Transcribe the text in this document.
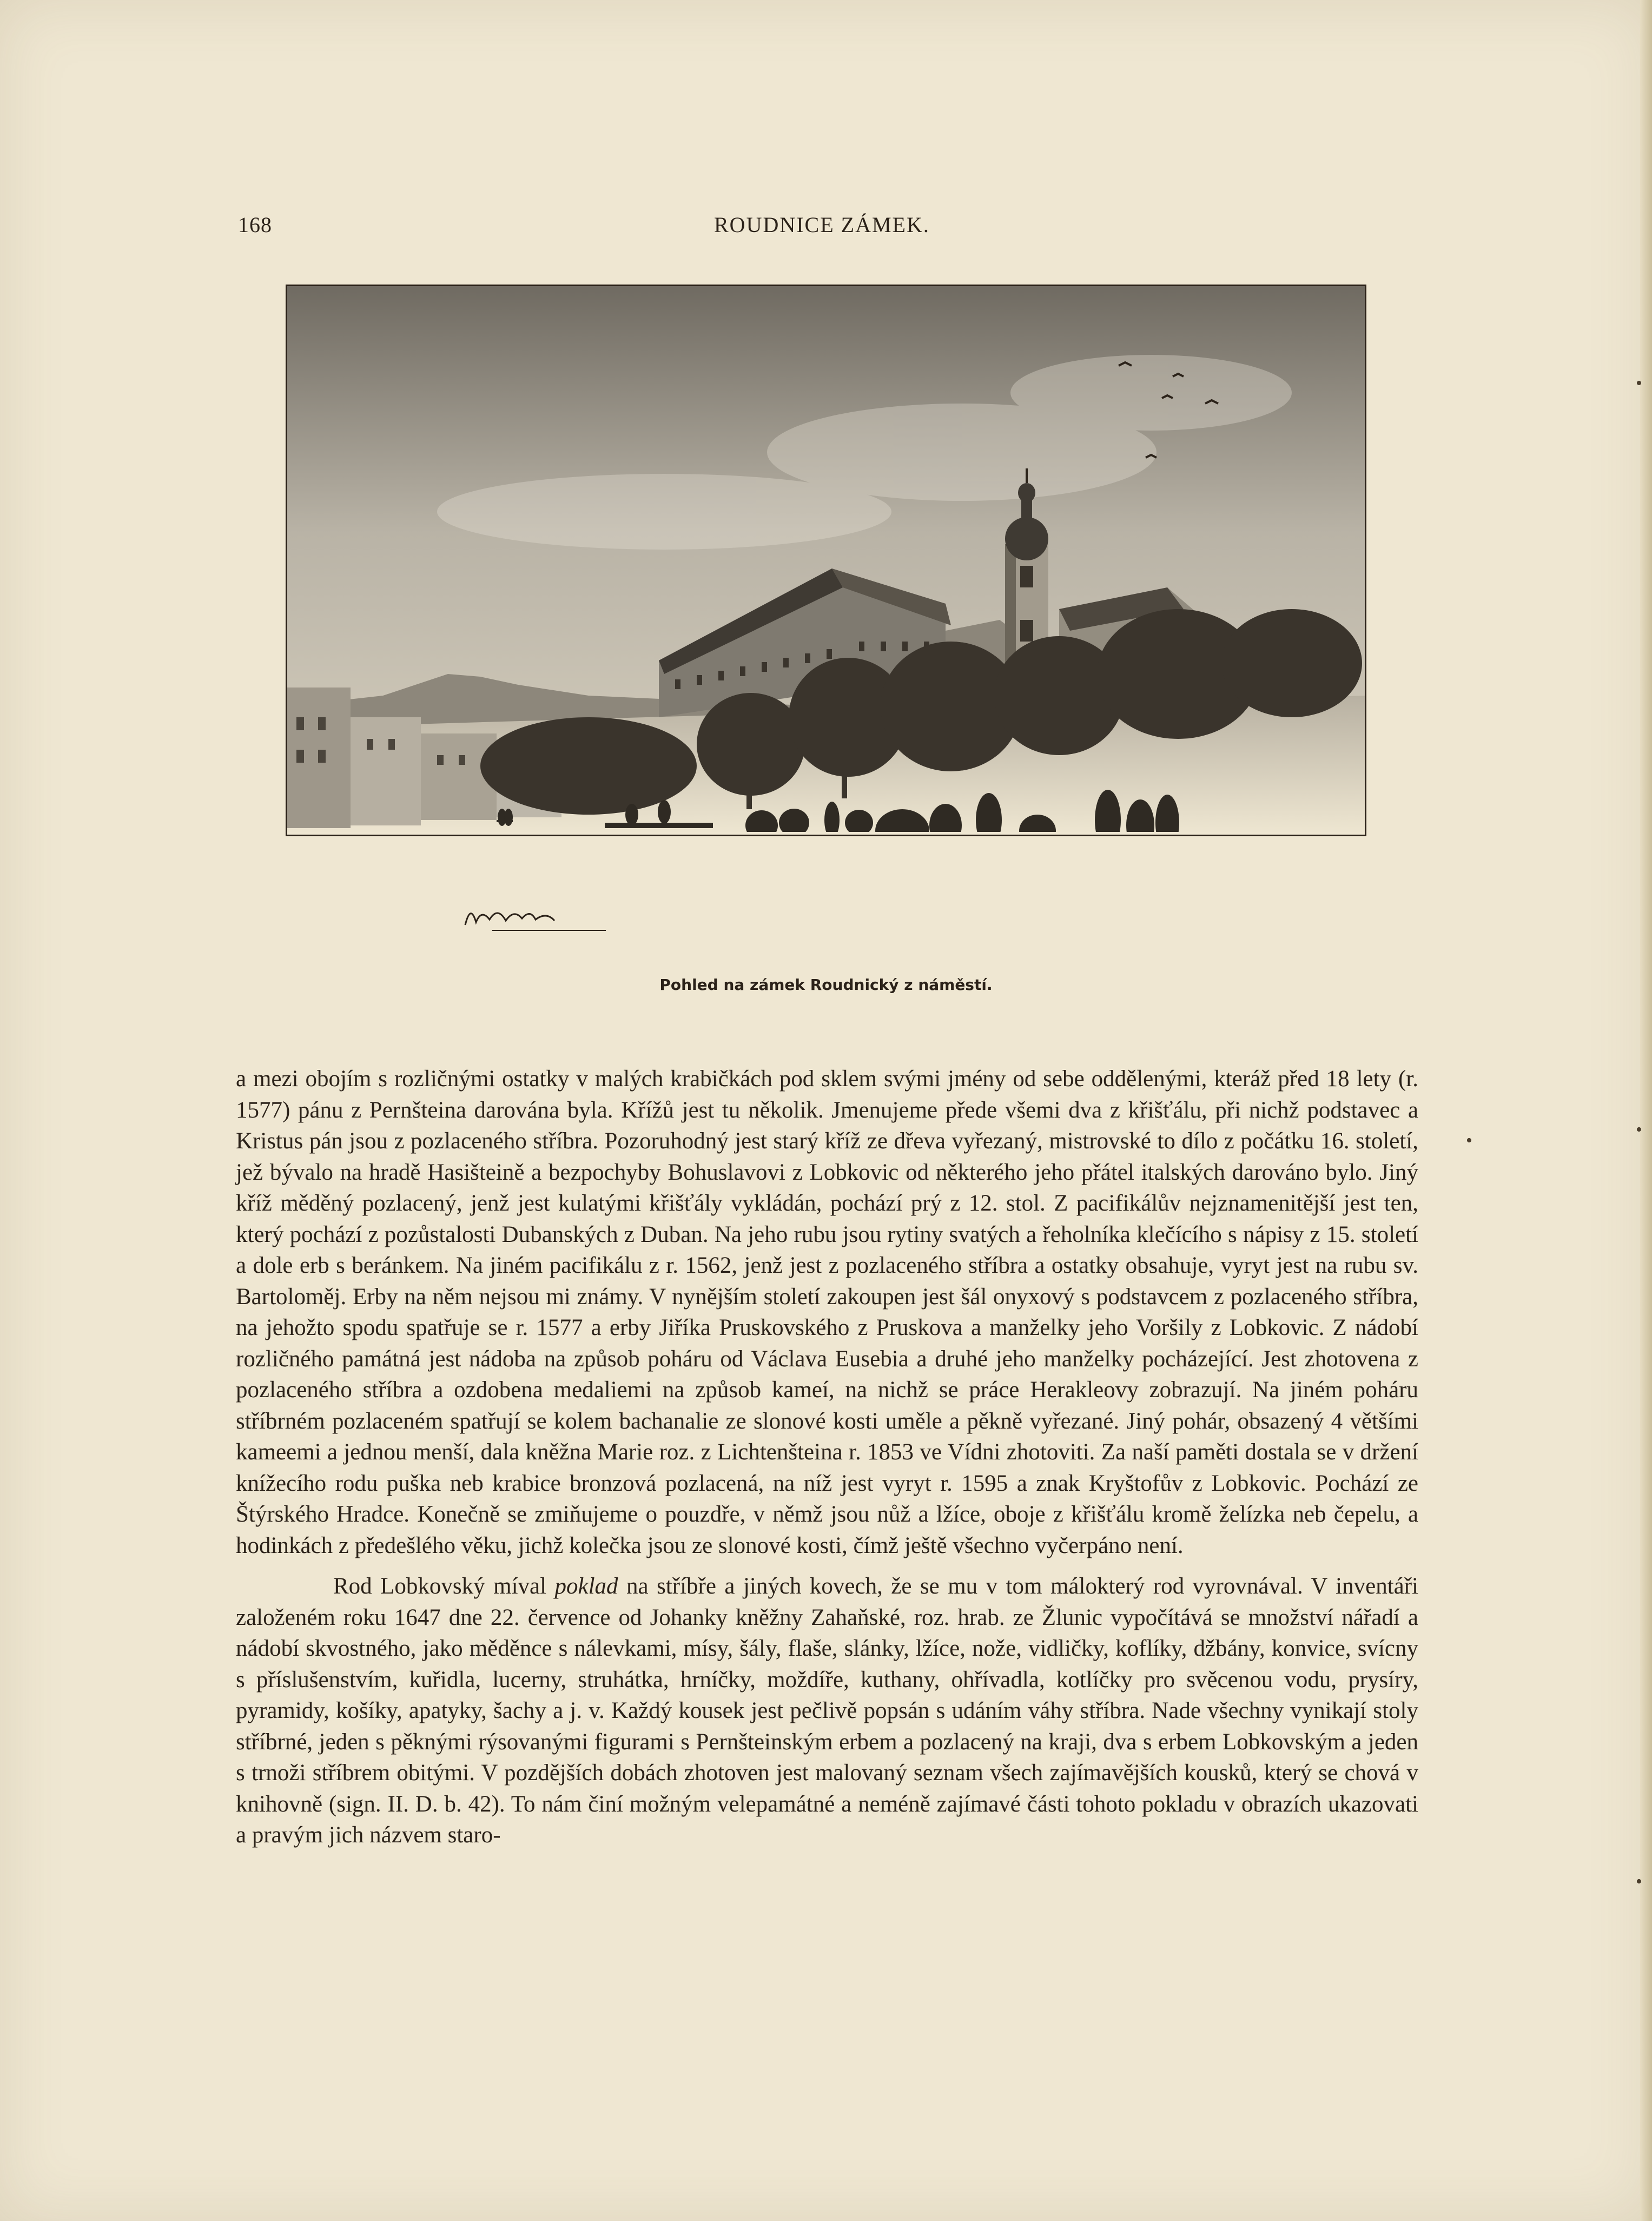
168	ROUDNICE ZÁMEK.
Pohled na zámek Roudnický z náměstí.

a mezi obojím s rozličnými ostatky v malých krabičkách pod sklem svými jmény od sebe oddělenými, kteráž před 18 lety (r. 1577) pánu z Pernšteina darována byla. Křížů jest tu několik. Jmenujeme přede všemi dva z křišťálu, při nichž podstavec a Kristus pán jsou z pozlaceného stříbra. Pozoruhodný jest starý kříž ze dřeva vyřezaný, mistrovské to dílo z počátku 16. století, jež bývalo na hradě Hasišteině a bezpochyby Bohuslavovi z Lobkovic od některého jeho přátel italských darováno bylo. Jiný kříž měděný pozlacený, jenž jest kulatými křišťály vykládán, pochází prý z 12. stol. Z pacifikálův nejznamenitější jest ten, který pochází z pozůstalosti Dubanských z Duban. Na jeho rubu jsou rytiny svatých a řeholníka klečícího s nápisy z 15. století a dole erb s beránkem. Na jiném pacifikálu z r. 1562, jenž jest z pozlaceného stříbra a ostatky obsahuje, vyryt jest na rubu sv. Bartoloměj. Erby na něm nejsou mi známy. V nynějším století zakoupen jest šál onyxový s podstavcem z pozlaceného stříbra, na jehožto spodu spatřuje se r. 1577 a erby Jiříka Pruskovského z Pruskova a manželky jeho Voršily z Lobkovic. Z nádobí rozličného památná jest nádoba na způsob poháru od Václava Eusebia a druhé jeho manželky pocházející. Jest zhotovena z pozlaceného stříbra a ozdobena medaliemi na způsob kameí, na nichž se práce Herakleovy zobrazují. Na jiném poháru stříbrném pozlaceném spatřují se kolem bachanalie ze slonové kosti uměle a pěkně vyřezané. Jiný pohár, obsazený 4 většími kameemi a jednou menší, dala kněžna Marie roz. z Lichtenšteina r. 1853 ve Vídni zhotoviti. Za naší paměti dostala se v držení knížecího rodu puška neb krabice bronzová pozlacená, na níž jest vyryt r. 1595 a znak Kryštofův z Lobkovic. Pochází ze Štýrského Hradce. Konečně se zmiňujeme o pouzdře, v němž jsou nůž a lžíce, oboje z křišťálu kromě želízka neb čepelu, a hodinkách z předešlého věku, jichž kolečka jsou ze slonové kosti, čímž ještě všechno vyčerpáno není.

Rod Lobkovský míval poklad na stříbře a jiných kovech, že se mu v tom málokterý rod vyrovnával. V inventáři založeném roku 1647 dne 22. července od Johanky kněžny Zahaňské, roz. hrab. ze Žlunic vypočítává se množství nářadí a nádobí skvostného, jako měděnce s nálevkami, mísy, šály, flaše, slánky, lžíce, nože, vidličky, koflíky, džbány, konvice, svícny s příslušenstvím, kuřidla, lucerny, struhátka, hrníčky, moždíře, kuthany, ohřívadla, kotlíčky pro svěcenou vodu, prysíry, pyramidy, košíky, apatyky, šachy a j. v. Každý kousek jest pečlivě popsán s udáním váhy stříbra. Nade všechny vynikají stoly stříbrné, jeden s pěknými rýsovanými figurami s Pernšteinským erbem a pozlacený na kraji, dva s erbem Lobkovským a jeden s trnoži stříbrem obitými. V pozdějších dobách zhotoven jest malovaný seznam všech zajímavějších kousků, který se chová v knihovně (sign. II. D. b. 42). To nám činí možným velepamátné a neméně zajímavé části tohoto pokladu v obrazích ukazovati a pravým jich názvem staro-

•
•
•
•
